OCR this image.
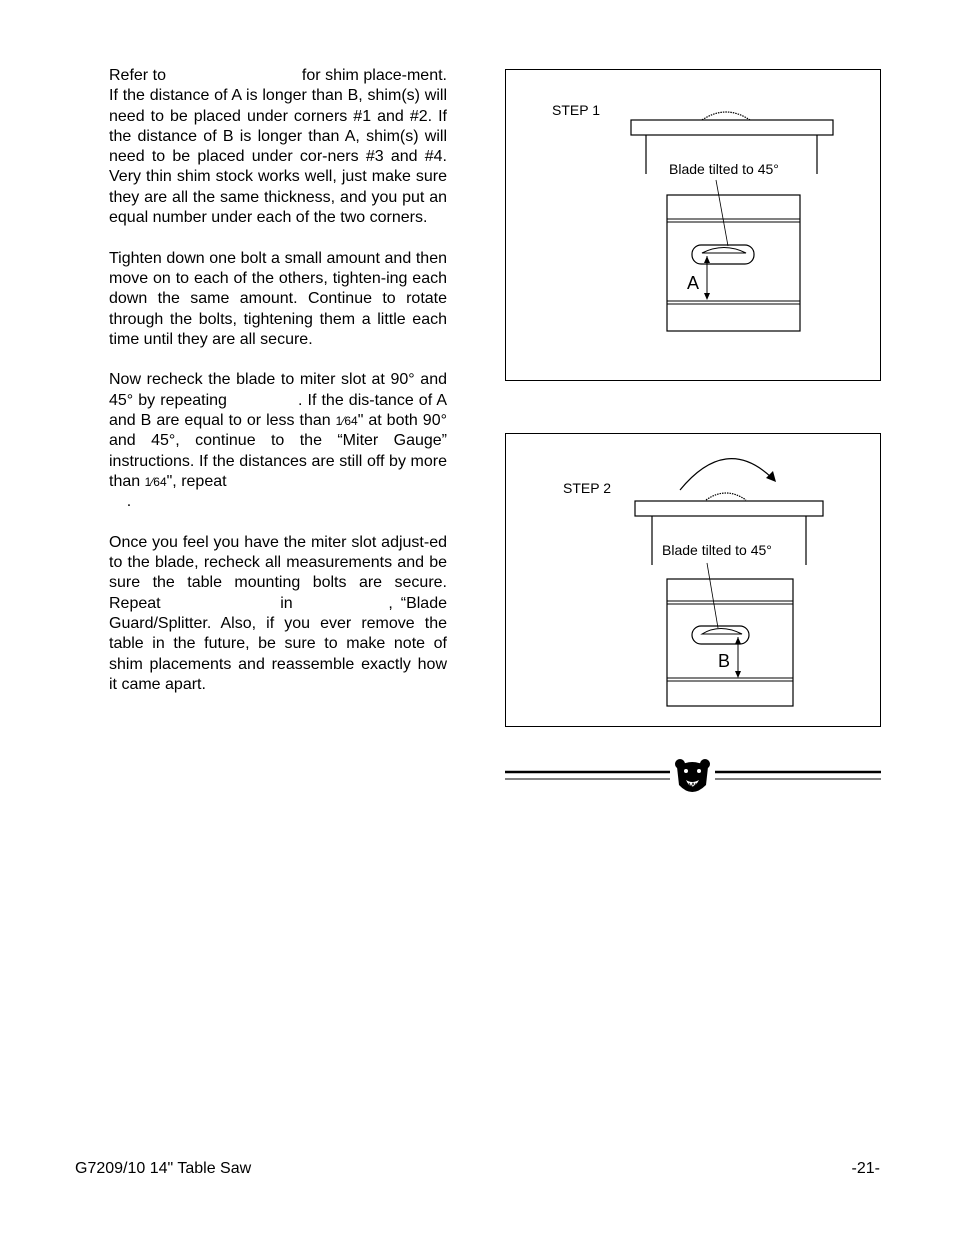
Refer to                              for shim place-ment. If the distance of A is longer than B, shim(s) will need to be placed under corners #1 and #2. If the distance of B is longer than A, shim(s) will need to be placed under cor-ners #3 and #4. Very thin shim stock works well, just make sure they are all the same thickness, and you put an equal number under each of the two corners.

Tighten down one bolt a small amount and then move on to each of the others, tighten-ing each down the same amount. Continue to rotate through the bolts, tightening them a little each time until they are all secure.

Now recheck the blade to miter slot at 90° and 45° by repeating              . If the dis-tance of A and B are equal to or less than 1⁄64" at both 90° and 45°, continue to the “Miter Gauge” instructions. If the distances are still off by more than 1⁄64", repeat
.

Once you feel you have the miter slot adjust-ed to the blade, recheck all measurements and be sure the table mounting bolts are secure.  Repeat               in            , “Blade Guard/Splitter. Also, if you ever remove the table in the future, be sure to make note of shim placements and reassemble exactly how it came apart.

STEP 1
Blade tilted to 45°
A
STEP 2
Blade tilted to 45°
B
G7209/10 14" Table Saw	-21-
